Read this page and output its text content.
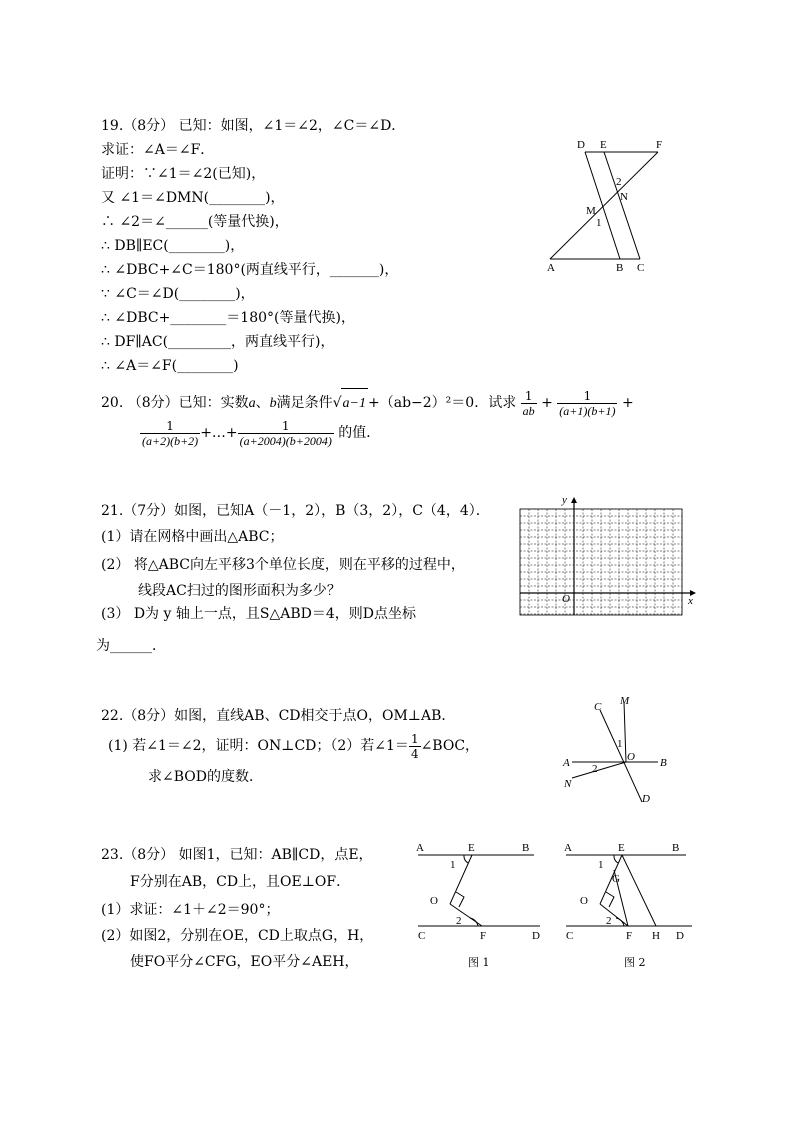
19.（8分） 已知：如图，∠1＝∠2，∠C＝∠D．
求证：∠A＝∠F．
证明：∵∠1＝∠2(已知)，
又 ∠1＝∠DMN(________)，
∴ ∠2＝∠______(等量代换)，
∴ DB∥EC(________)，
∴ ∠DBC+∠C＝180°(两直线平行，_______)，
∵ ∠C＝∠D(________)，
∴ ∠DBC+________＝180°(等量代换)，
∴ DF∥AC(_________，两直线平行)，
∴ ∠A＝∠F(________)
D E	F
2
N
M
1
A	B C
20. （8分）已知：实数a、b满足条件√a−1 +（ab−2）²＝0．试求 $\frac{1}{ab} + \frac{1}{(a+1)(b+1)}$ +
$\frac{1}{(a+2)(b+2)}$ +…+ $\frac{1}{(a+2004)(b+2004)}$ 的值．
21.（7分）如图，已知A（－1，2），B（3，2），C（4，4）．
(1）请在网格中画出△ABC；
(2） 将△ABC向左平移3个单位长度，则在平移的过程中，
线段AC扫过的图形面积为多少？
(3） D为 y 轴上一点，且S△ABD＝4，则D点坐标
为______．
y
x
O
22.（8分）如图，直线AB、CD相交于点O，OM⊥AB．
(1) 若∠1＝∠2，证明：ON⊥CD；（2）若∠1＝ $\frac{1}{4}$ ∠BOC，
求∠BOD的度数．
C M
1
O
A	B
2
N
D
23.（8分） 如图1，已知：AB∥CD，点E，
F分别在AB，CD上，且OE⊥OF．
(1）求证：∠1＋∠2＝90°；
(2）如图2，分别在OE，CD上取点G，H，
使FO平分∠CFG，EO平分∠AEH，
A	E	B
1
O
2
C	F	D
图 1
A	E	B
1
G
O
2
C	F H D
图 2
